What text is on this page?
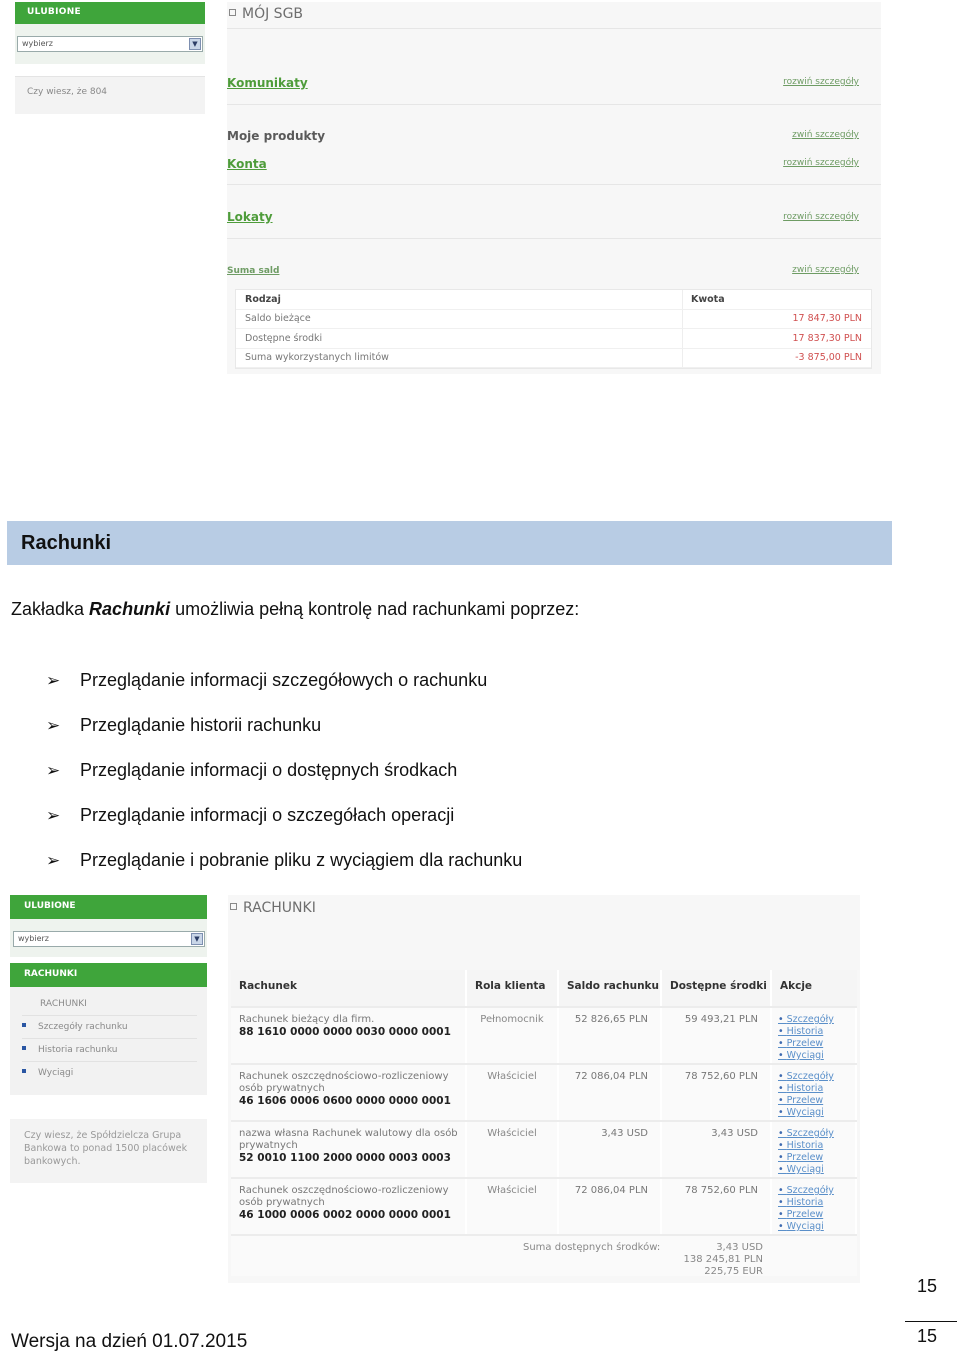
ULUBIONE
wybierz	▼
Czy wiesz, że 804
MÓJ SGB
Komunikaty	rozwiń szczegóły
Moje produkty	zwiń szczegóły
Konta	rozwiń szczegóły
Lokaty	rozwiń szczegóły
Suma sald	zwiń szczegóły
Rodzaj	Kwota
Saldo bieżące	17 847,30 PLN
Dostępne środki	17 837,30 PLN
Suma wykorzystanych limitów	-3 875,00 PLN
Rachunki
Zakładka Rachunki umożliwia pełną kontrolę nad rachunkami poprzez:
➢ Przeglądanie informacji szczegółowych o rachunku
➢ Przeglądanie historii rachunku
➢ Przeglądanie informacji o dostępnych środkach
➢ Przeglądanie informacji o szczegółach operacji
➢ Przeglądanie i pobranie pliku z wyciągiem dla rachunku
ULUBIONE
wybierz	▼
RACHUNKI
RACHUNKI
Szczegóły rachunku
Historia rachunku
Wyciągi
Czy wiesz, że Spółdzielcza Grupa Bankowa to ponad 1500 placówek bankowych.
RACHUNKI
Rachunek	Rola klienta	Saldo rachunku	Dostępne środki	Akcje
Rachunek bieżący dla firm.
88 1610 0000 0000 0030 0000 0001
Pełnomocnik	52 826,65 PLN	59 493,21 PLN	• Szczegóły
• Historia
• Przelew
• Wyciągi
Rachunek oszczędnościowo-rozliczeniowy osób prywatnych
46 1606 0006 0600 0000 0000 0001
Właściciel	72 086,04 PLN	78 752,60 PLN	• Szczegóły
• Historia
• Przelew
• Wyciągi
nazwa własna Rachunek walutowy dla osób prywatnych
52 0010 1100 2000 0000 0003 0003
Właściciel	3,43 USD	3,43 USD	• Szczegóły
• Historia
• Przelew
• Wyciągi
Rachunek oszczędnościowo-rozliczeniowy osób prywatnych
46 1000 0006 0002 0000 0000 0001
Właściciel	72 086,04 PLN	78 752,60 PLN	• Szczegóły
• Historia
• Przelew
• Wyciągi
Suma dostępnych środków:	3,43 USD
138 245,81 PLN
225,75 EUR
15
15
Wersja na dzień 01.07.2015
